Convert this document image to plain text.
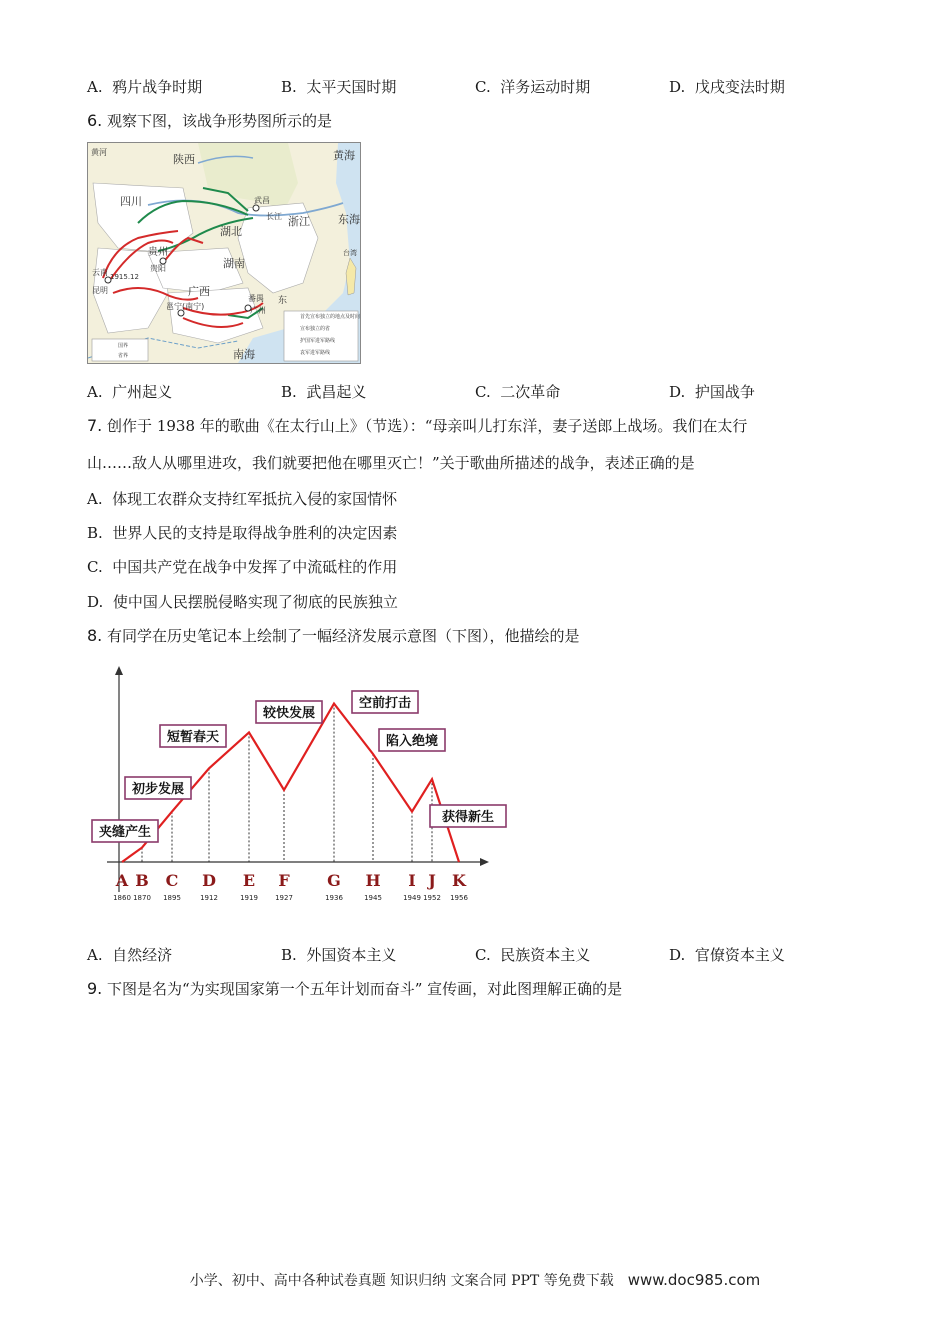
A. 鸦片战争时期	B. 太平天国时期	C. 洋务运动时期	D. 戊戌变法时期
6. 观察下图，该战争形势图所示的是
黄河
陕西	黄海
四川
长江
武昌
浙江	东海
湖北
湖南
贵州
贵阳
云南 1915.12
昆明	广西
邕宁(南宁)
番禺
广州
东
台湾
南海
首先宣布独立的地点及时间
宣布独立的省
护国军进军路线
袁军进军路线
国界
省界
A. 广州起义	B. 武昌起义	C. 二次革命	D. 护国战争
7. 创作于 1938 年的歌曲《在太行山上》（节选）：“母亲叫儿打东洋，妻子送郎上战场。我们在太行
山……敌人从哪里进攻，我们就要把他在哪里灭亡！”关于歌曲所描述的战争，表述正确的是
A. 体现工农群众支持红军抵抗入侵的家国情怀
B. 世界人民的支持是取得战争胜利的决定因素
C. 中国共产党在战争中发挥了中流砥柱的作用
D. 使中国人民摆脱侵略实现了彻底的民族独立
8. 有同学在历史笔记本上绘制了一幅经济发展示意图（下图），他描绘的是
A B C D E F G H I J K
1860 1870 1895	1912	1919 1927	1936	1945	1949 1952 1956
夹缝产生
初步发展
短暂春天
较快发展
空前打击
陷入绝境
获得新生
A. 自然经济	B. 外国资本主义	C. 民族资本主义	D. 官僚资本主义
9. 下图是名为“为实现国家第一个五年计划而奋斗” 宣传画，对此图理解正确的是
小学、初中、高中各种试卷真题 知识归纳 文案合同 PPT 等免费下载 www.doc985.com
